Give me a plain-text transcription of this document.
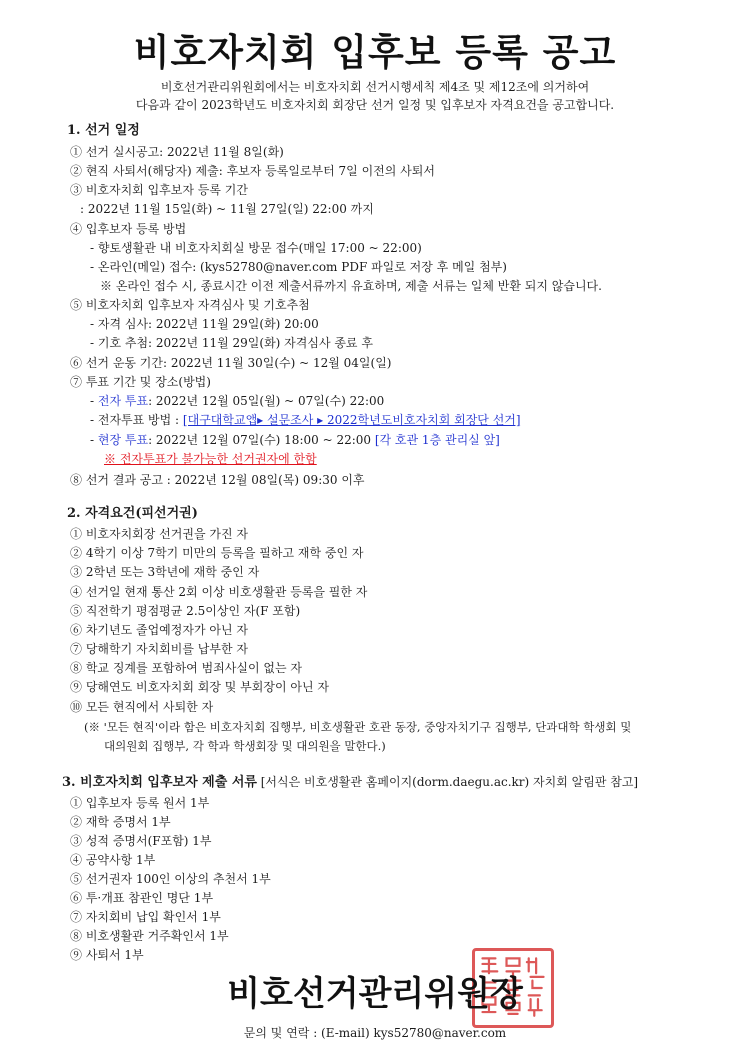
비호자치회 입후보 등록 공고
비호선거관리위원회에서는 비호자치회 선거시행세칙 제4조 및 제12조에 의거하여
다음과 같이 2023학년도 비호자치회 회장단 선거 일정 및 입후보자 자격요건을 공고합니다.
1. 선거 일정
① 선거 실시공고: 2022년 11월 8일(화)
② 현직 사퇴서(해당자) 제출: 후보자 등록일로부터 7일 이전의 사퇴서
③ 비호자치회 입후보자 등록 기간
: 2022년 11월 15일(화) ~ 11월 27일(일) 22:00 까지
④ 입후보자 등록 방법
- 향토생활관 내 비호자치회실 방문 접수(매일 17:00 ~ 22:00)
- 온라인(메일) 접수: (kys52780@naver.com PDF 파일로 저장 후 메일 첨부)
※ 온라인 접수 시, 종료시간 이전 제출서류까지 유효하며, 제출 서류는 일체 반환 되지 않습니다.
⑤ 비호자치회 입후보자 자격심사 및 기호추첨
- 자격 심사: 2022년 11월 29일(화) 20:00
- 기호 추첨: 2022년 11월 29일(화) 자격심사 종료 후
⑥ 선거 운동 기간: 2022년 11월 30일(수) ~ 12월 04일(일)
⑦ 투표 기간 및 장소(방법)
- 전자 투표: 2022년 12월 05일(월) ~ 07일(수) 22:00
- 전자투표 방법 : [대구대학교앱▸ 설문조사 ▸ 2022학년도비호자치회 회장단 선거]
- 현장 투표: 2022년 12월 07일(수) 18:00 ~ 22:00 [각 호관 1층 관리실 앞]
※ 전자투표가 불가능한 선거권자에 한함
⑧ 선거 결과 공고 : 2022년 12월 08일(목) 09:30 이후
2. 자격요건(피선거권)
① 비호자치회장 선거권을 가진 자
② 4학기 이상 7학기 미만의 등록을 필하고 재학 중인 자
③ 2학년 또는 3학년에 재학 중인 자
④ 선거일 현재 통산 2회 이상 비호생활관 등록을 필한 자
⑤ 직전학기 평점평균 2.5이상인 자(F 포함)
⑥ 차기년도 졸업예정자가 아닌 자
⑦ 당해학기 자치회비를 납부한 자
⑧ 학교 징계를 포함하여 범죄사실이 없는 자
⑨ 당해연도 비호자치회 회장 및 부회장이 아닌 자
⑩ 모든 현직에서 사퇴한 자
(※ '모든 현직'이라 함은 비호자치회 집행부, 비호생활관 호관 동장, 중앙자치기구 집행부, 단과대학 학생회 및
대의원회 집행부, 각 학과 학생회장 및 대의원을 말한다.)
3. 비호자치회 입후보자 제출 서류 [서식은 비호생활관 홈페이지(dorm.daegu.ac.kr) 자치회 알림판 참고]
① 입후보자 등록 원서 1부
② 재학 증명서 1부
③ 성적 증명서(F포함) 1부
④ 공약사항 1부
⑤ 선거권자 100인 이상의 추천서 1부
⑥ 투·개표 참관인 명단 1부
⑦ 자치회비 납입 확인서 1부
⑧ 비호생활관 거주확인서 1부
⑨ 사퇴서 1부
비호선거관리위원장
문의 및 연락 : (E-mail) kys52780@naver.com
